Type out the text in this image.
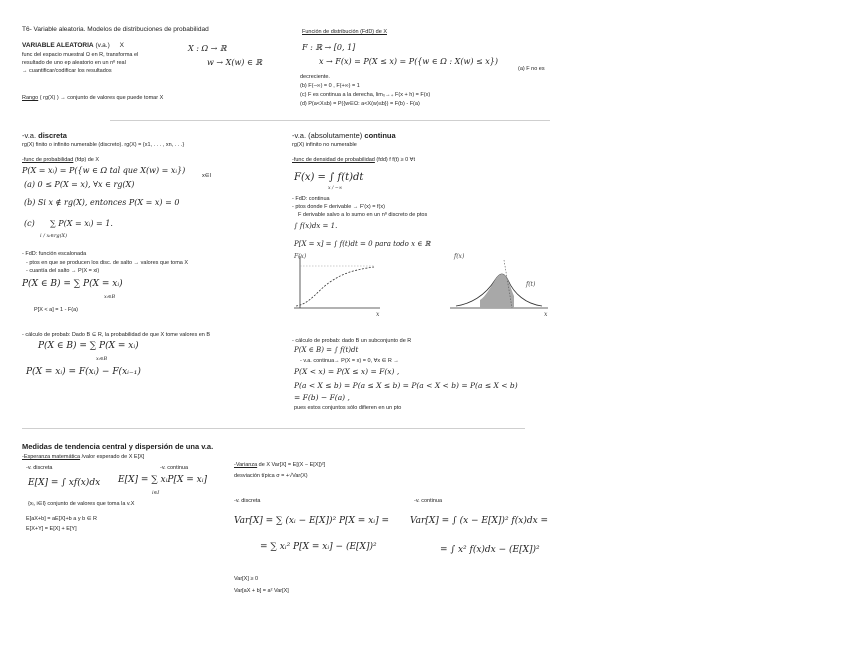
T6- Variable aleatoria. Modelos de distribuciones de probabilidad
VARIABLE ALEATORIA (v.a.) X
func del espacio muestral Ω en R, transforma el
resultado de uno ep aleatorio en un nº real
→ cuantificar/codificar los resultados
X : Ω → ℝ
w → X(w) ∈ ℝ
Rango ( rg(X) ) → conjunto de valores que puede tomar X
Función de distribución (FdD) de X
F : ℝ → [0, 1]
x → F(x) = P(X ≤ x) = P({w ∈ Ω : X(w) ≤ x})
(a) F no es
decreciente.
(b) F(−∞) = 0 , F(+∞) = 1
(c) F es continua a la derecha, lim₀→₊ F(x + h) = F(x)
(d) P(a<X≤b) = P({w∈Ω: a<X(w)≤b}) = F(b) - F(a)
-v.a. discreta
rg(X) finito o infinito numerable (discreto). rg(X) = {x1, . . . , xn, . . .}
-func de probabilidad (fdp) de X
P(X = xᵢ) = P({w ∈ Ω tal que X(w) = xᵢ})
x∈I
(a) 0 ≤ P(X = x), ∀x ∈ rg(X)
(b) Si x ∉ rg(X), entonces P(X = x) = 0
(c) ∑ P(X = xᵢ) = 1.
i / xᵢ∈rg(X)
- FdD: función escalonada
- ptos en que se producen los disc. de salto → valores que toma X
- cuantía del salto → P(X = xi)
P(X ∈ B) = ∑ P(X = xᵢ)
xᵢ∈B
P[X < a] = 1 - F(a)
- cálculo de probab: Dado B ⊆ R, la probabilidad de que X tome valores en B
P(X ∈ B) = ∑ P(X = xᵢ)
xᵢ∈B
P(X = xᵢ) = F(xᵢ) − F(xᵢ₋₁)
-v.a. (absolutamente) continua
rg(X) infinito no numerable
-func de densidad de probabilidad (fdd) f f(t) ≥ 0 ∀t
F(x) = ∫ f(t)dt
x / −∞
- FdD: continua
- ptos donde F derivable → F'(x) = f(x)
F derivable salvo a lo sumo en un nº discreto de ptos
∫ f(x)dx = 1.
P[X = x] = ∫ f(t)dt = 0 para todo x ∈ ℝ
F(x)
x
f(x)
f(t)
x
- cálculo de probab: dado B un subconjunto de R
P(X ∈ B) = ∫ f(t)dt
- v.a. continua→ P(X = x) = 0, ∀x ∈ R →
P(X < x) = P(X ≤ x) = F(x) ,
P(a < X ≤ b) = P(a ≤ X ≤ b) = P(a < X < b) = P(a ≤ X < b)
= F(b) − F(a) ,
pues estos conjuntos sólo difieren en un pto
Medidas de tendencia central y dispersión de una v.a.
-Esperanza matemática /valor esperado de X E[X]
-v. discreta	-v. continua
E[X] = ∫ xf(x)dx E[X] = ∑ xᵢP[X = xᵢ]
i∈I
{xᵢ, i∈I} conjunto de valores que toma la v.X
E[aX+b] = aE[X]+b a y b ∈ R
E[X+Y] = E[X] + E[Y]
-Varianza de X Var[X] = E[(X − E[X])²]
desviación típica σ = +√Var(X)
-v. discreta	-v. continua
Var[X] = ∑ (xᵢ − E[X])² P[X = xᵢ] =
= ∑ xᵢ² P[X = xᵢ] − (E[X])²
Var[X] = ∫ (x − E[X])² f(x)dx =
= ∫ x² f(x)dx − (E[X])²
Var[X] ≥ 0
Var[aX + b] = a² Var[X]
